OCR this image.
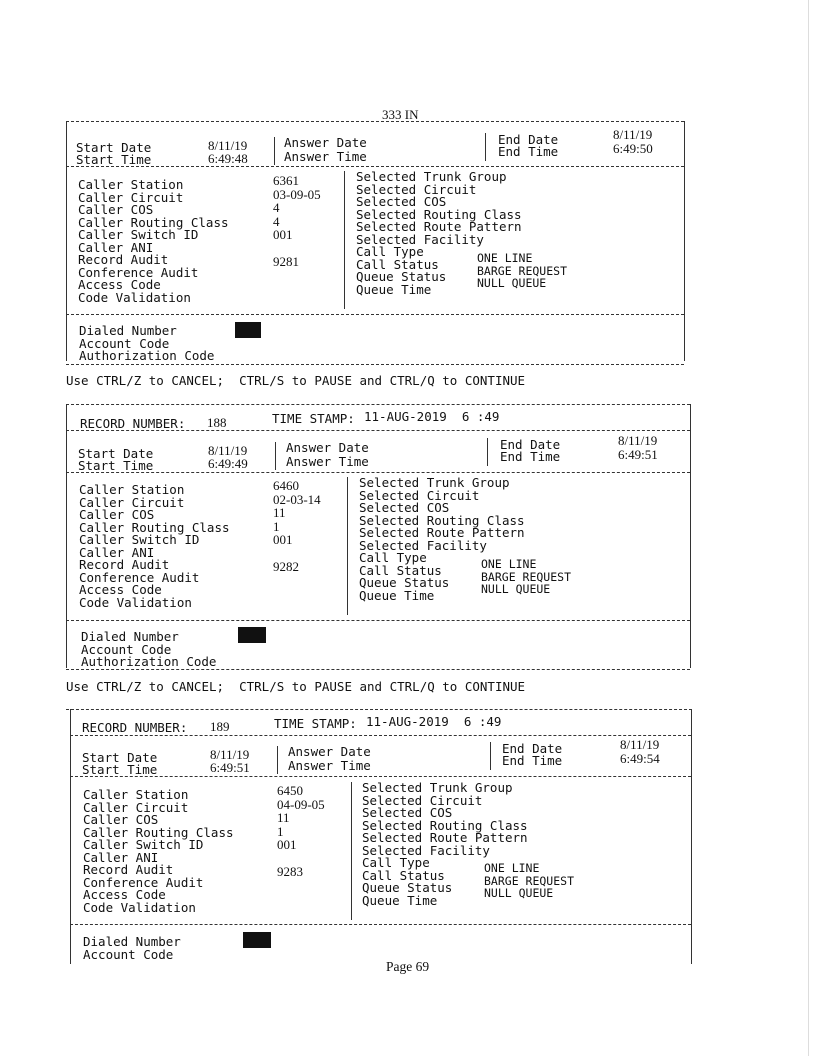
333 IN
Start Date
Start Time
8/11/19
6:49:48
Answer Date
Answer Time
End Date
End Time
8/11/19
6:49:50
Caller Station
Caller Circuit
Caller COS
Caller Routing Class
Caller Switch ID
Caller ANI
Record Audit
Conference Audit
Access Code
Code Validation
6361
03-09-05
4
4
001

9281
Selected Trunk Group
Selected Circuit
Selected COS
Selected Routing Class
Selected Route Pattern
Selected Facility
Call Type
Call Status
Queue Status
Queue Time
ONE LINE
BARGE REQUEST
NULL QUEUE
Dialed Number
Account Code
Authorization Code
Use CTRL/Z to CANCEL;  CTRL/S to PAUSE and CTRL/Q to CONTINUE
RECORD NUMBER: 188	TIME STAMP: 11-AUG-2019  6 :49
Start Date
Start Time
8/11/19
6:49:49
Answer Date
Answer Time
End Date
End Time
8/11/19
6:49:51
Caller Station
Caller Circuit
Caller COS
Caller Routing Class
Caller Switch ID
Caller ANI
Record Audit
Conference Audit
Access Code
Code Validation
6460
02-03-14
11
1
001

9282
Selected Trunk Group
Selected Circuit
Selected COS
Selected Routing Class
Selected Route Pattern
Selected Facility
Call Type
Call Status
Queue Status
Queue Time
ONE LINE
BARGE REQUEST
NULL QUEUE
Dialed Number
Account Code
Authorization Code
Use CTRL/Z to CANCEL;  CTRL/S to PAUSE and CTRL/Q to CONTINUE
RECORD NUMBER: 189	TIME STAMP: 11-AUG-2019  6 :49
Start Date
Start Time
8/11/19
6:49:51
Answer Date
Answer Time
End Date
End Time
8/11/19
6:49:54
Caller Station
Caller Circuit
Caller COS
Caller Routing Class
Caller Switch ID
Caller ANI
Record Audit
Conference Audit
Access Code
Code Validation
6450
04-09-05
11
1
001

9283
Selected Trunk Group
Selected Circuit
Selected COS
Selected Routing Class
Selected Route Pattern
Selected Facility
Call Type
Call Status
Queue Status
Queue Time
ONE LINE
BARGE REQUEST
NULL QUEUE
Dialed Number
Account Code
Page 69
